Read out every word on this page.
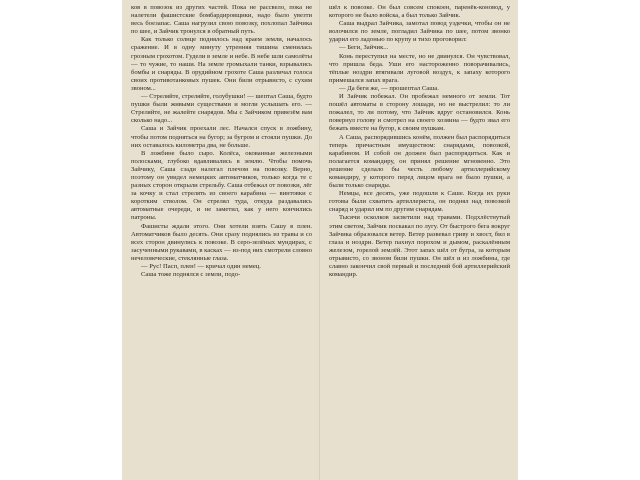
ков в повозок из других частей. Пока не рассвело, пока не налетели фашистские бомбардировщики, надо было увезти весь боезапас. Саша нагрузил свою повозку, похлопал Зайчика по шее, и Зайчик тронулся в обратный путь.

Как только солнце поднялось над краем земли, началось сражение. И в одну минуту утренняя тишина сменилась грозным грохотом. Гудели в земле и небе. В небе шли самолёты — то чужие, то наши. На земле громыхали танки, взрывались бомбы и снаряды. В орудийном грохоте Саша различал голоса своих противотанковых пушек. Они били отрывисто, с сухим звоном...

— Стреляйте, стреляйте, голубушки! — шептал Саша, будто пушки были живыми существами и могли услышать его. — Стреляйте, не жалейте снарядов. Мы с Зайчиком привезём вам сколько надо...

Саша и Зайчик проехали лес. Начался спуск в ложбину, чтобы потом подняться на бугор; за бугром и стояли пушки. До них оставалось километра два, не больше.

В ложбине было сыро. Колёса, окованные железными полосками, глубоко вдавливались в землю. Чтобы помочь Зайчику, Саша сзади налегал плечом на повозку. Верно, поэтому он увидел немецких автоматчиков, только когда те с разных сторон открыли стрельбу. Саша отбежал от повозки, лёг за кочку и стал стрелять из своего карабина — винтовки с коротким стволом. Он стрелял туда, откуда раздавались автоматные очереди, и не заметил, как у него кончились патроны.

Фашисты ждали этого. Они хотели взять Сашу в плен. Автоматчиков было десять. Они сразу поднялись из травы и со всех сторон двинулись к повозке. В серо-зелёных мундирах, с засученными рукавами, в касках — из-под них смотрели словно нечеловеческие, стеклянные глаза.

— Рус! Пасп, плен! — кричал один немец.

Саша тоже поднялся с земли, подо-

шёл к повозке. Он был совсем спокоен, паренёк-коновод, у которого не было войска, а был только Зайчик.

Саша выдрал Зайчика, замотал повод уздечки, чтобы он не волочился по земле, погладил Зайчика по шее, потом звонко ударил его ладонью по крупу и тихо проговорил:

— Беги, Зайчик...

Конь переступил на месте, но не двинулся. Он чувствовал, что пришла беда. Уши его настороженно поворачивались, тёплые ноздри втягивали луговой воздух, к запаху которого примешался запах врага.

— Да беги же, — прошептал Саша.

И Зайчик побежал. Он пробежал немного от земли. Тот пошёл автоматы в сторону лошади, но не выстрелил: то ли пожалел, то ли потому, что Зайчик вдруг остановился. Конь повернул голову и смотрел на своего хозяина — будто звал его бежать вместе на бугор, к своим пушкам.

А Саша, распорядившись конём, полжен был распорядиться теперь причастным имуществом: снарядами, повозкой, карабином. И собой он должен был распорядиться. Как и полагается командиру, он принял решение мгновенно. Это решение сделало бы честь любому артиллерийскому командиру, у которого перед лицом врага не было пушки, а были только снаряды.

Немцы, все десять, уже подошли к Саше. Когда их руки готовы были схватить артиллериста, он поднял над повозкой снаряд и ударил им по другим снарядам.

Тысячи осколков засветили над травами. Подхлёстнутый этим светом, Зайчик поскакал по лугу. От быстрого бега вокруг Зайчика образовался ветер. Ветер развевал гриву и хвост, бил в глаза и ноздри. Ветер пахнул порохом и дымом, раскалённым железом, горелой землёй. Этот запах шёл от бугра, за которым отрывисто, со звоном били пушки. Он шёл и из ложбины, где славно закончил свой первый и последний бой артиллерийский командир.
